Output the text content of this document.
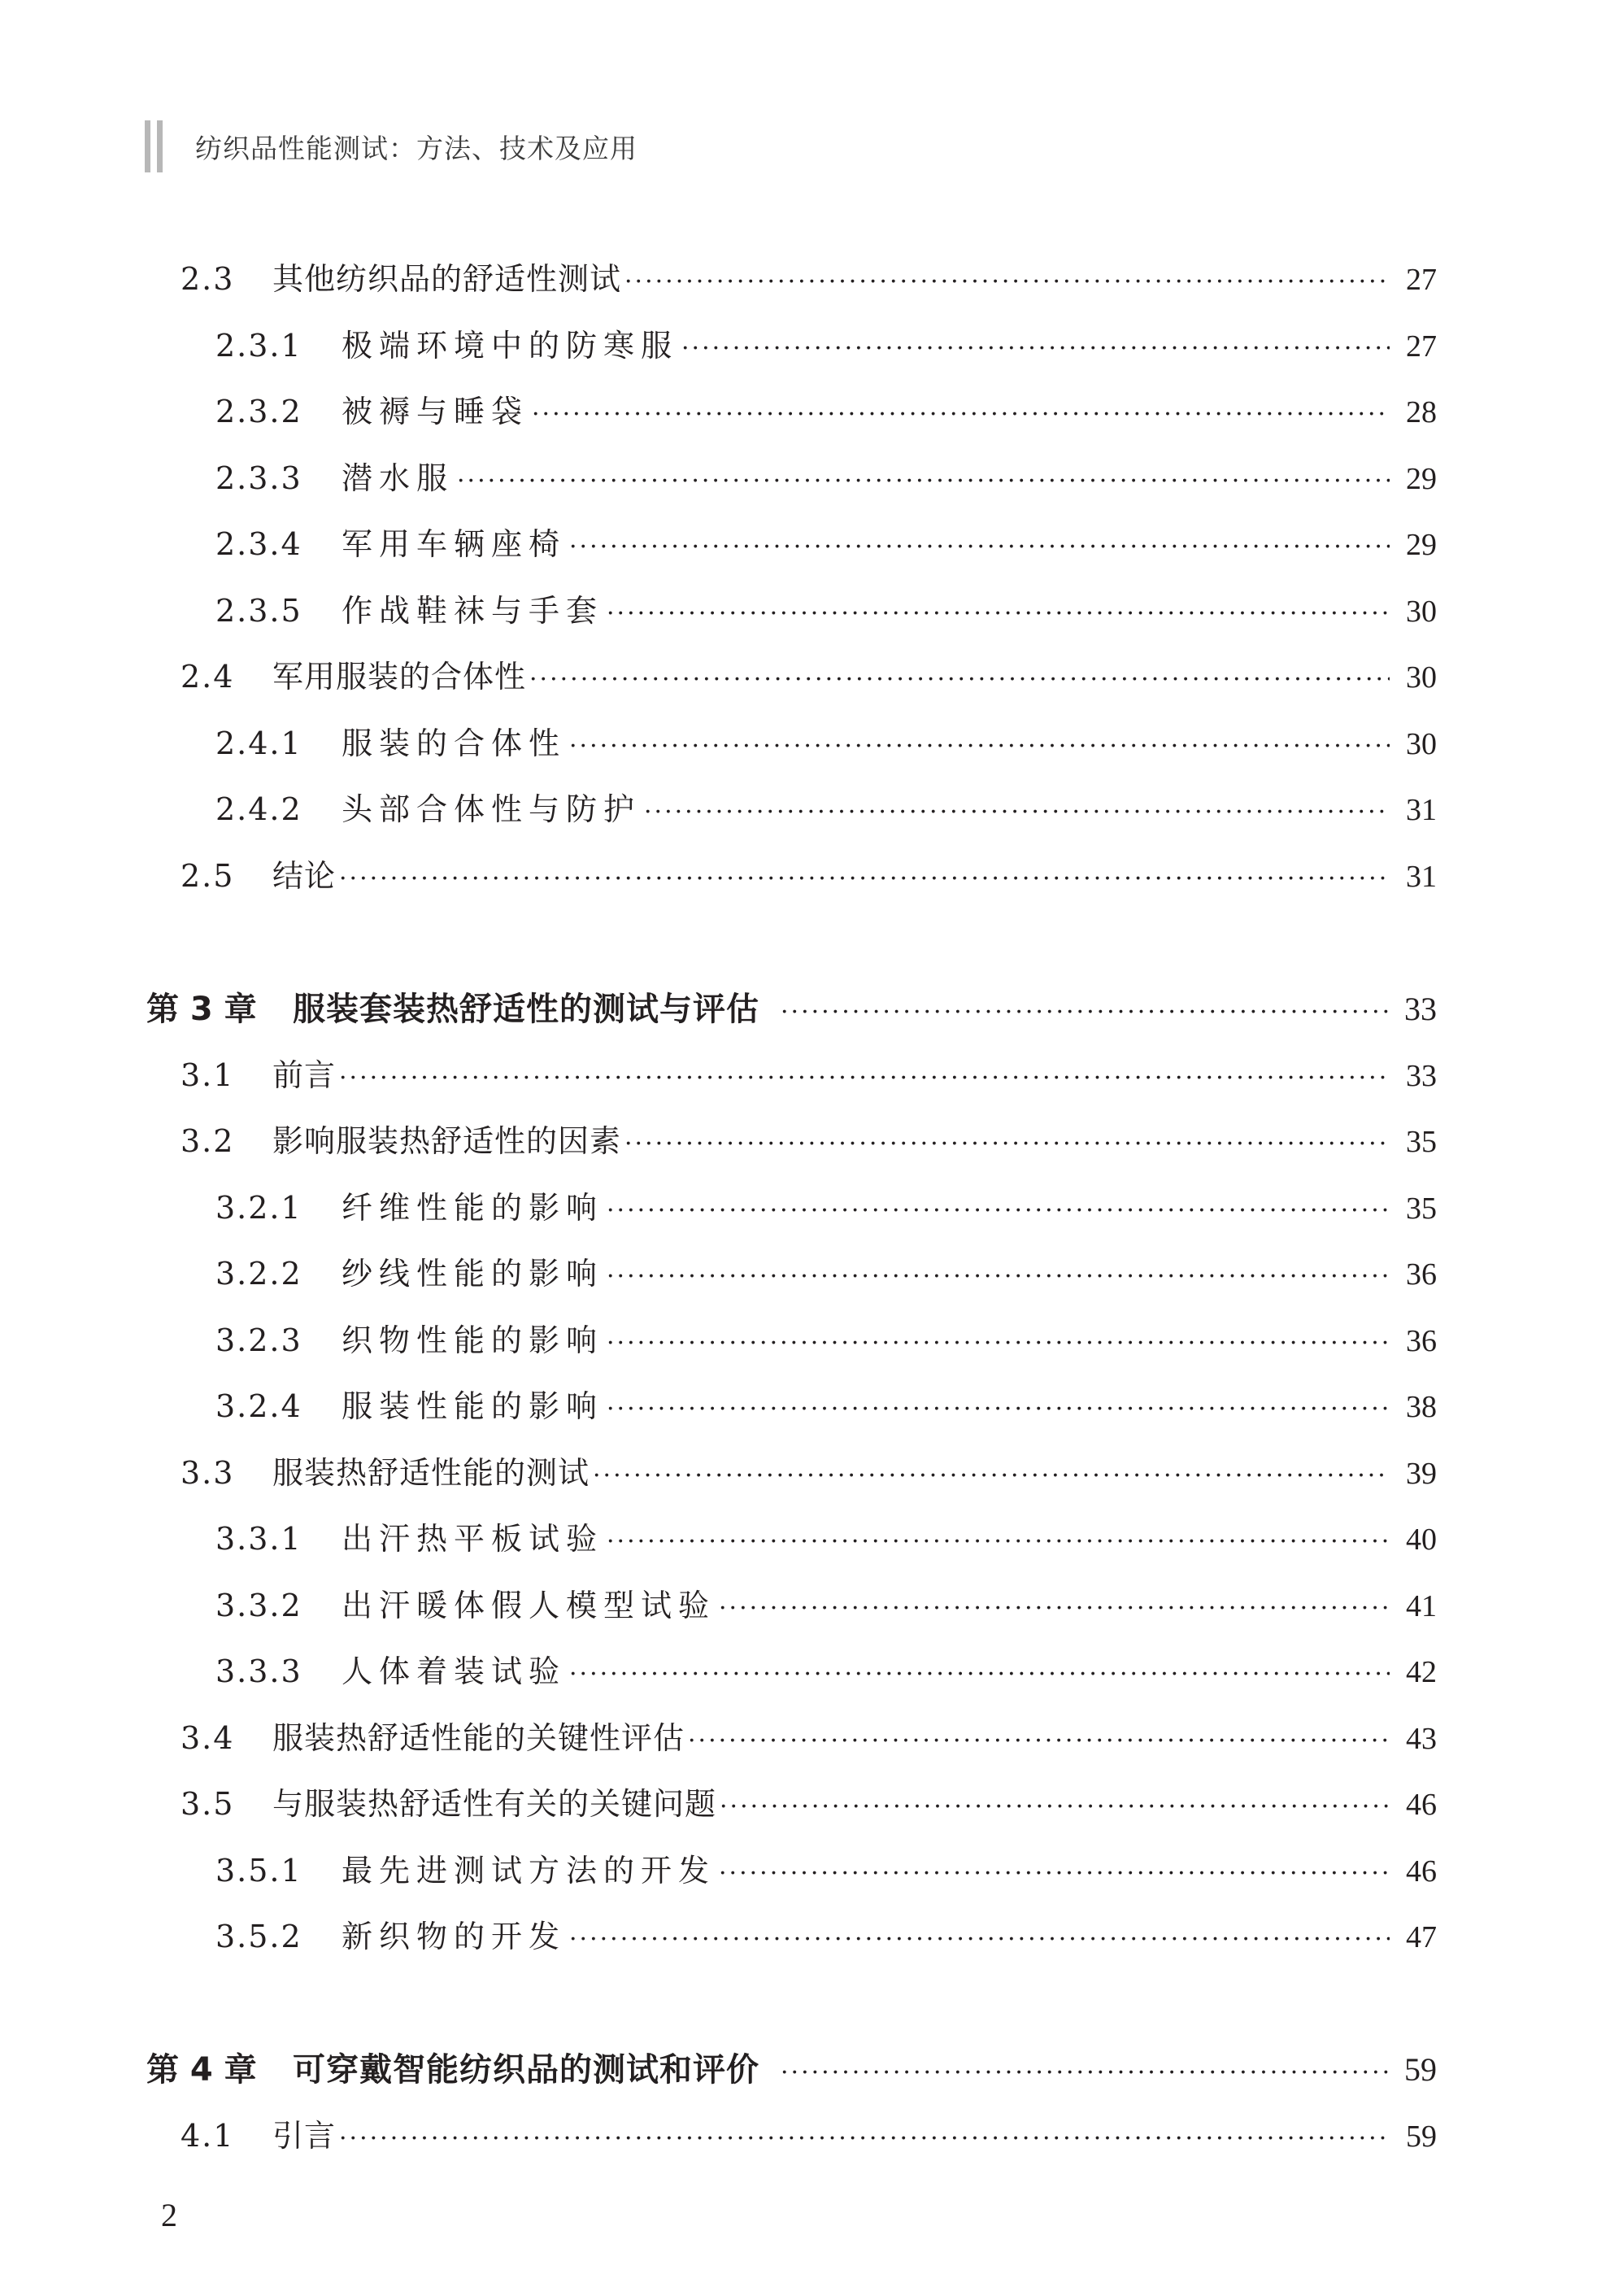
纺织品性能测试：方法、技术及应用
2.3	其他纺织品的舒适性测试 ·····	27
2.3.1	极端环境中的防寒服 ·····	27
2.3.2	被褥与睡袋 ·····	28
2.3.3	潜水服 ·····	29
2.3.4	军用车辆座椅 ·····	29
2.3.5	作战鞋袜与手套 ·····	30
2.4	军用服装的合体性 ·····	30
2.4.1	服装的合体性 ·····	30
2.4.2	头部合体性与防护 ·····	31
2.5	结论 ·····	31
第 3 章	服装套装热舒适性的测试与评估 ·····	33
3.1	前言 ·····	33
3.2	影响服装热舒适性的因素 ·····	35
3.2.1	纤维性能的影响 ·····	35
3.2.2	纱线性能的影响 ·····	36
3.2.3	织物性能的影响 ·····	36
3.2.4	服装性能的影响 ·····	38
3.3	服装热舒适性能的测试 ·····	39
3.3.1	出汗热平板试验 ·····	40
3.3.2	出汗暖体假人模型试验 ·····	41
3.3.3	人体着装试验 ·····	42
3.4	服装热舒适性能的关键性评估 ·····	43
3.5	与服装热舒适性有关的关键问题 ·····	46
3.5.1	最先进测试方法的开发 ·····	46
3.5.2	新织物的开发 ·····	47
第 4 章	可穿戴智能纺织品的测试和评价 ·····	59
4.1	引言 ·····	59
2
